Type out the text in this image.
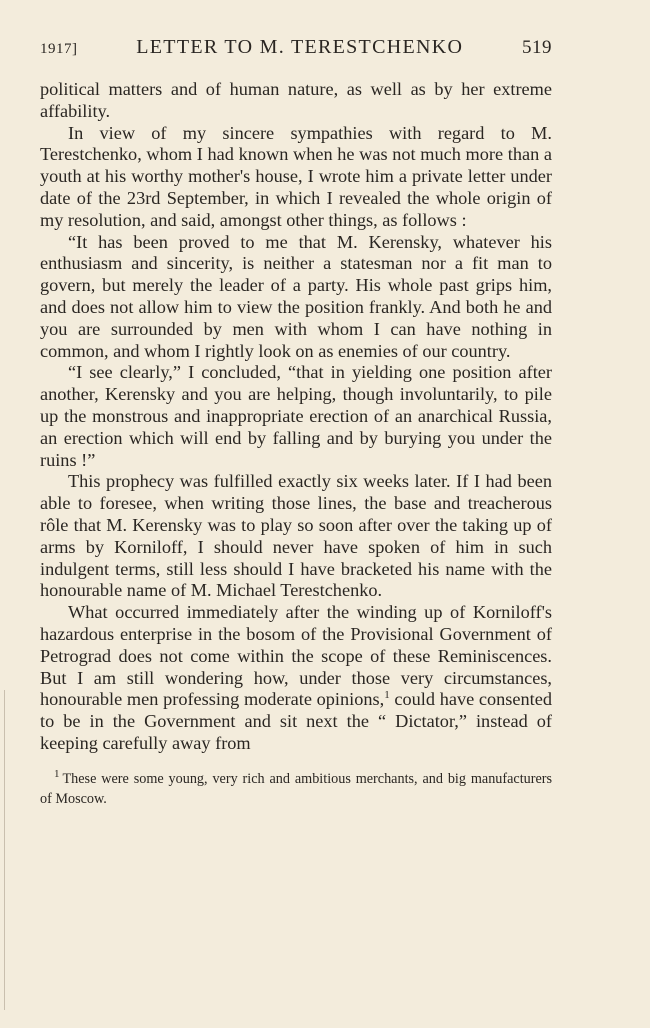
1917]	LETTER TO M. TERESTCHENKO	519

political matters and of human nature, as well as by her extreme affability.

In view of my sincere sympathies with regard to M. Terestchenko, whom I had known when he was not much more than a youth at his worthy mother's house, I wrote him a private letter under date of the 23rd September, in which I revealed the whole origin of my resolution, and said, amongst other things, as follows :

“It has been proved to me that M. Kerensky, whatever his enthusiasm and sincerity, is neither a statesman nor a fit man to govern, but merely the leader of a party. His whole past grips him, and does not allow him to view the position frankly. And both he and you are surrounded by men with whom I can have nothing in common, and whom I rightly look on as enemies of our country.

“I see clearly,” I concluded, “that in yielding one position after another, Kerensky and you are helping, though involuntarily, to pile up the monstrous and inappropriate erection of an anarchical Russia, an erection which will end by falling and by burying you under the ruins !”

This prophecy was fulfilled exactly six weeks later. If I had been able to foresee, when writing those lines, the base and treacherous rôle that M. Kerensky was to play so soon after over the taking up of arms by Korniloff, I should never have spoken of him in such indulgent terms, still less should I have bracketed his name with the honourable name of M. Michael Terestchenko.

What occurred immediately after the winding up of Korniloff's hazardous enterprise in the bosom of the Provisional Government of Petrograd does not come within the scope of these Reminiscences. But I am still wondering how, under those very circumstances, honourable men professing moderate opinions,$^1$ could have consented to be in the Government and sit next the “ Dictator,” instead of keeping carefully away from

1 These were some young, very rich and ambitious merchants, and big manufacturers of Moscow.
